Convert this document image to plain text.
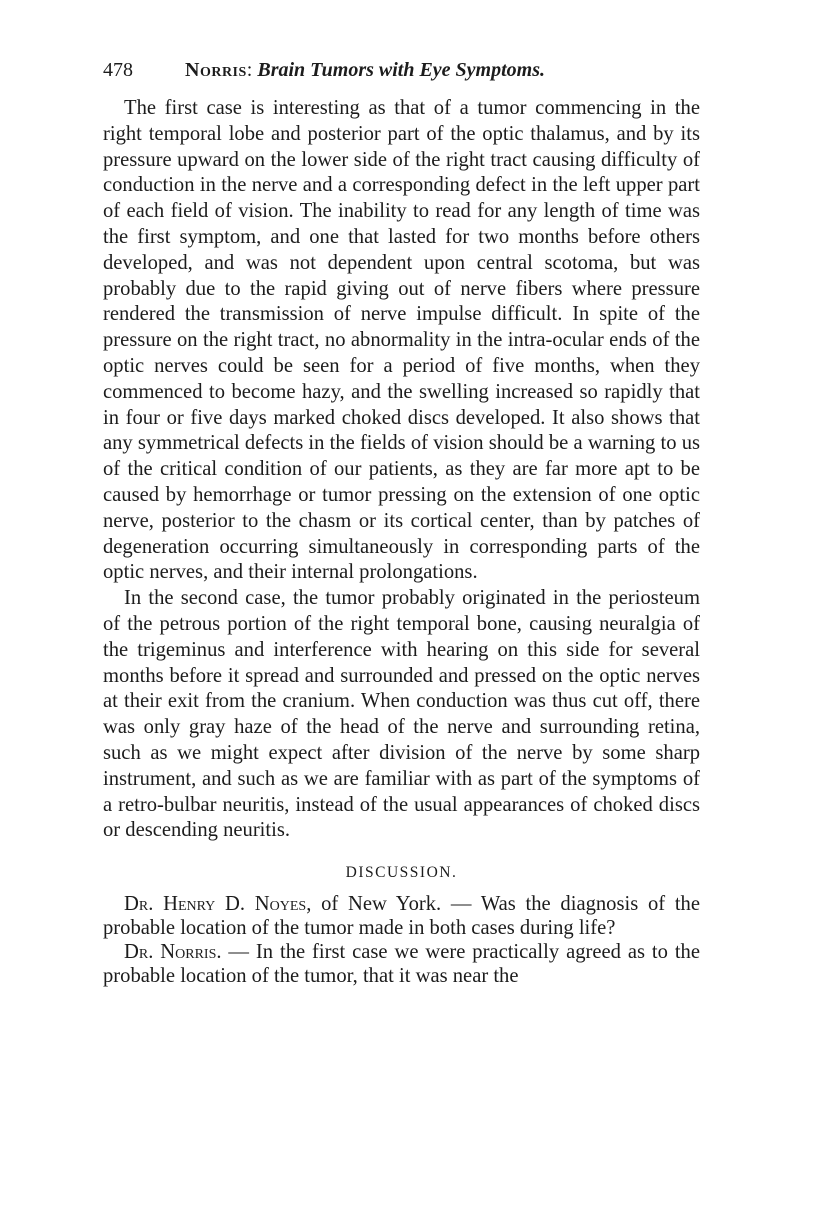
478	Norris: Brain Tumors with Eye Symptoms.

The first case is interesting as that of a tumor commencing in the right temporal lobe and posterior part of the optic thalamus, and by its pressure upward on the lower side of the right tract causing difficulty of conduction in the nerve and a corresponding defect in the left upper part of each field of vision. The inability to read for any length of time was the first symptom, and one that lasted for two months before others developed, and was not dependent upon central scotoma, but was probably due to the rapid giving out of nerve fibers where pressure rendered the transmission of nerve impulse difficult. In spite of the pressure on the right tract, no abnormality in the intra-ocular ends of the optic nerves could be seen for a period of five months, when they commenced to become hazy, and the swelling increased so rapidly that in four or five days marked choked discs developed. It also shows that any symmetrical defects in the fields of vision should be a warning to us of the critical condition of our patients, as they are far more apt to be caused by hemorrhage or tumor pressing on the extension of one optic nerve, posterior to the chasm or its cortical center, than by patches of degeneration occurring simultaneously in corresponding parts of the optic nerves, and their internal prolongations.

In the second case, the tumor probably originated in the periosteum of the petrous portion of the right temporal bone, causing neuralgia of the trigeminus and interference with hearing on this side for several months before it spread and surrounded and pressed on the optic nerves at their exit from the cranium. When conduction was thus cut off, there was only gray haze of the head of the nerve and surrounding retina, such as we might expect after division of the nerve by some sharp instrument, and such as we are familiar with as part of the symptoms of a retro-bulbar neuritis, instead of the usual appearances of choked discs or descending neuritis.

DISCUSSION.

Dr. Henry D. Noyes, of New York. — Was the diagnosis of the probable location of the tumor made in both cases during life?

Dr. Norris. — In the first case we were practically agreed as to the probable location of the tumor, that it was near the
